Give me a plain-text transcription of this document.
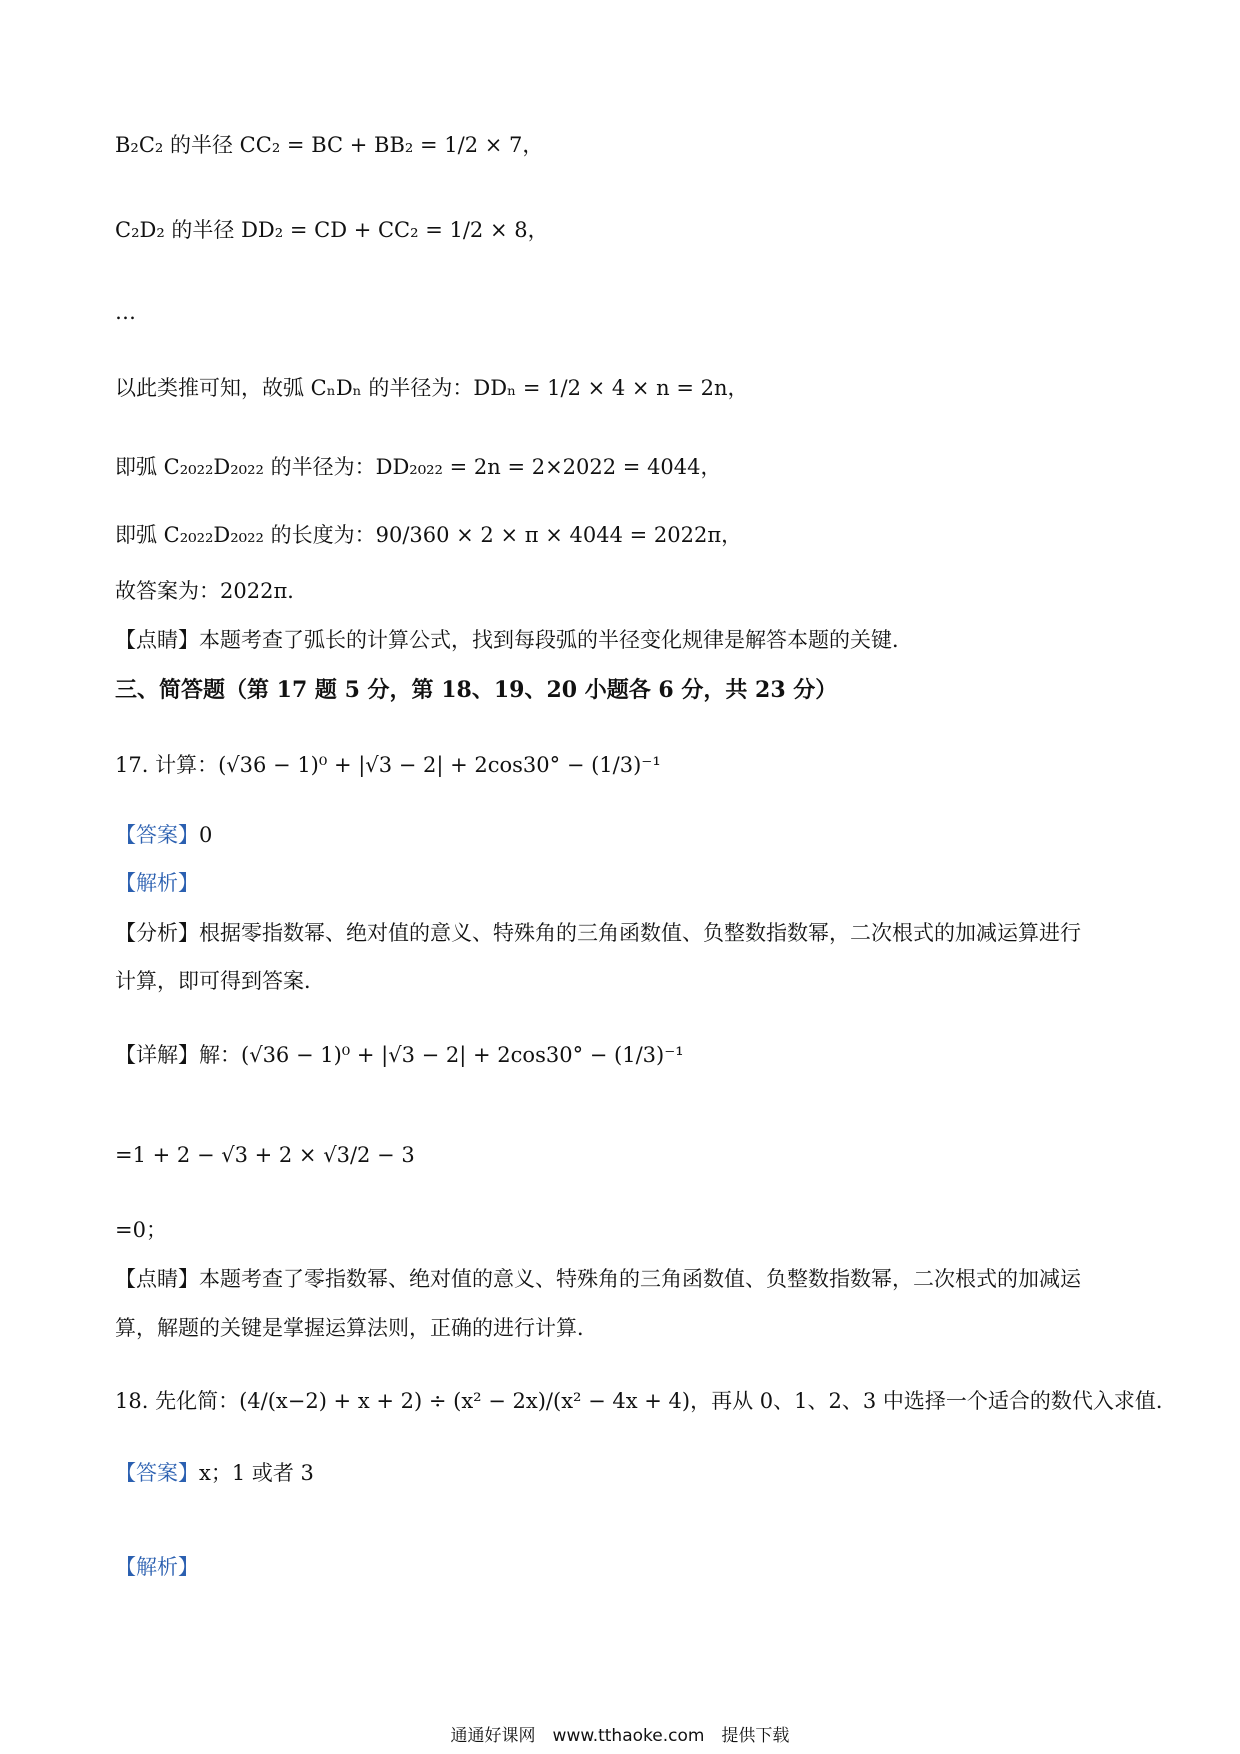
B₂C₂ 的半径 CC₂ = BC + BB₂ = 1/2 × 7，
C₂D₂ 的半径 DD₂ = CD + CC₂ = 1/2 × 8，
…
以此类推可知，故弧 CₙDₙ 的半径为：DDₙ = 1/2 × 4 × n = 2n，
即弧 C₂₀₂₂D₂₀₂₂ 的半径为：DD₂₀₂₂ = 2n = 2×2022 = 4044，
即弧 C₂₀₂₂D₂₀₂₂ 的长度为：90/360 × 2 × π × 4044 = 2022π，
故答案为：2022π．
【点睛】本题考查了弧长的计算公式，找到每段弧的半径变化规律是解答本题的关键．
三、简答题（第 17 题 5 分，第 18、19、20 小题各 6 分，共 23 分）
17. 计算：(√36 − 1)⁰ + |√3 − 2| + 2cos30° − (1/3)⁻¹
【答案】0
【解析】
【分析】根据零指数幂、绝对值的意义、特殊角的三角函数值、负整数指数幂，二次根式的加减运算进行
计算，即可得到答案．
【详解】解：(√36 − 1)⁰ + |√3 − 2| + 2cos30° − (1/3)⁻¹
=1 + 2 − √3 + 2 × √3/2 − 3
=0；
【点睛】本题考查了零指数幂、绝对值的意义、特殊角的三角函数值、负整数指数幂，二次根式的加减运
算，解题的关键是掌握运算法则，正确的进行计算．
18. 先化简：(4/(x−2) + x + 2) ÷ (x² − 2x)/(x² − 4x + 4)，再从 0、1、2、3 中选择一个适合的数代入求值．
【答案】x；1 或者 3
【解析】
通通好课网　www.tthaoke.com　提供下载
